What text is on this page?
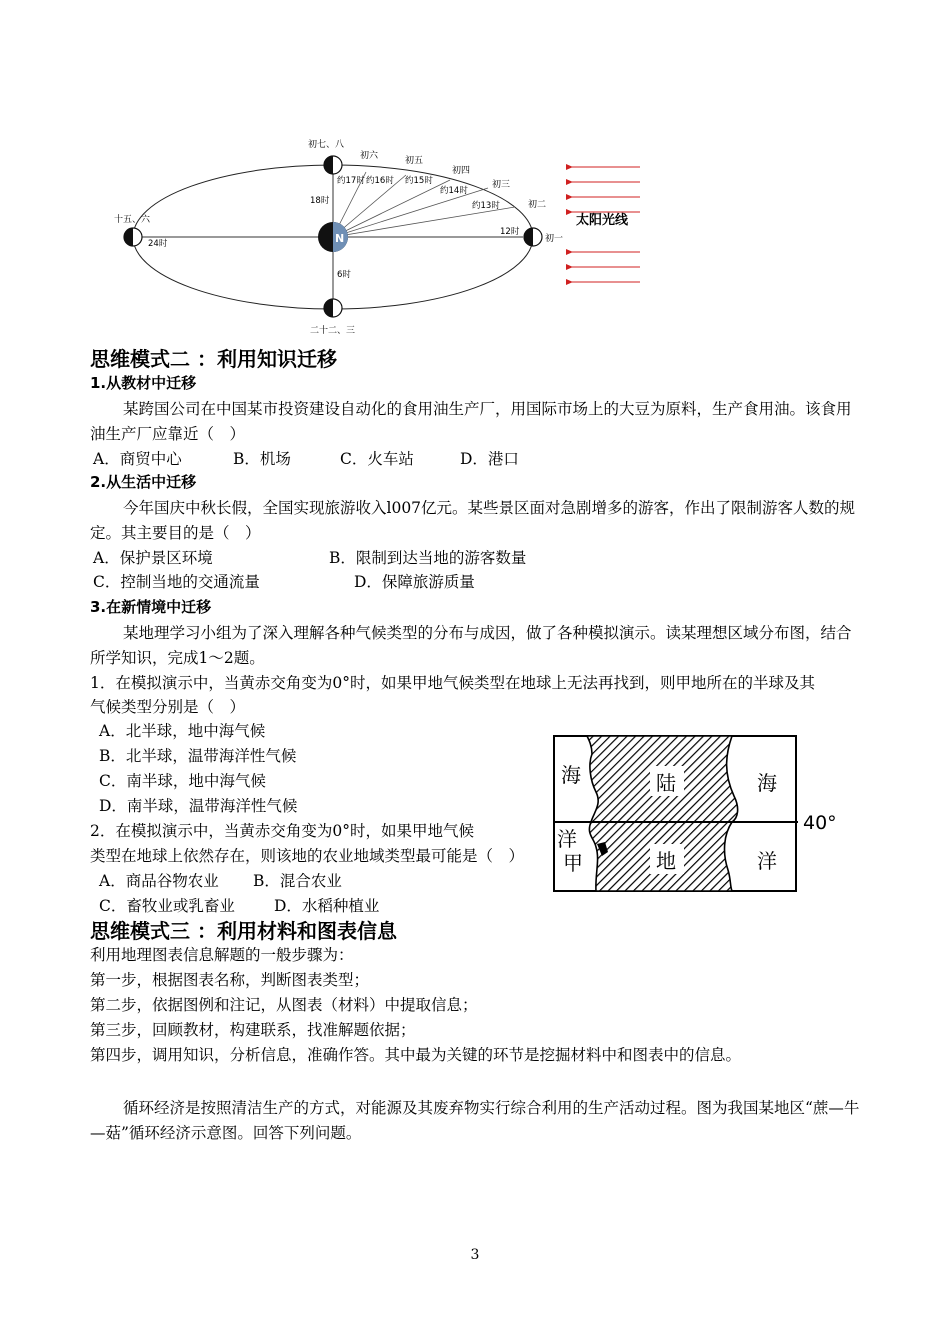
N
初七、八
十五、六
二十二、三
初一
初六	初五
初四
初三
初二
约17时 约16时 约15时
约14时
约13时
18时
24时
12时
6时
太阳光线
思维模式二 ：利用知识迁移
1.从教材中迁移
某跨国公司在中国某市投资建设自动化的食用油生产厂，用国际市场上的大豆为原料，生产食用油。该食用油生产厂应靠近（　）
A．商贸中心	B．机场	C．火车站	D．港口
2.从生活中迁移
今年国庆中秋长假，全国实现旅游收入l007亿元。某些景区面对急剧增多的游客，作出了限制游客人数的规定。其主要目的是（　）
A．保护景区环境	B．限制到达当地的游客数量
C．控制当地的交通流量	D．保障旅游质量
3.在新情境中迁移
某地理学习小组为了深入理解各种气候类型的分布与成因，做了各种模拟演示。读某理想区域分布图，结合所学知识，完成1～2题。
1．在模拟演示中，当黄赤交角变为0°时，如果甲地气候类型在地球上无法再找到，则甲地所在的半球及其
气候类型分别是（　）
A．北半球，地中海气候
B．北半球，温带海洋性气候
C．南半球，地中海气候
D．南半球，温带海洋性气候
2．在模拟演示中，当黄赤交角变为0°时，如果甲地气候
类型在地球上依然存在，则该地的农业地域类型最可能是（　）
A．商品谷物农业 B．混合农业
C．畜牧业或乳畜业	D．水稻种植业
海
洋
甲
陆
地
海
洋
40°
思维模式三 ：利用材料和图表信息
利用地理图表信息解题的一般步骤为：
第一步，根据图表名称，判断图表类型；
第二步，依据图例和注记，从图表（材料）中提取信息；
第三步，回顾教材，构建联系，找准解题依据；
第四步，调用知识，分析信息，准确作答。其中最为关键的环节是挖掘材料中和图表中的信息。
循环经济是按照清洁生产的方式，对能源及其废弃物实行综合利用的生产活动过程。图为我国某地区“蔗—牛—菇”循环经济示意图。回答下列问题。
3
